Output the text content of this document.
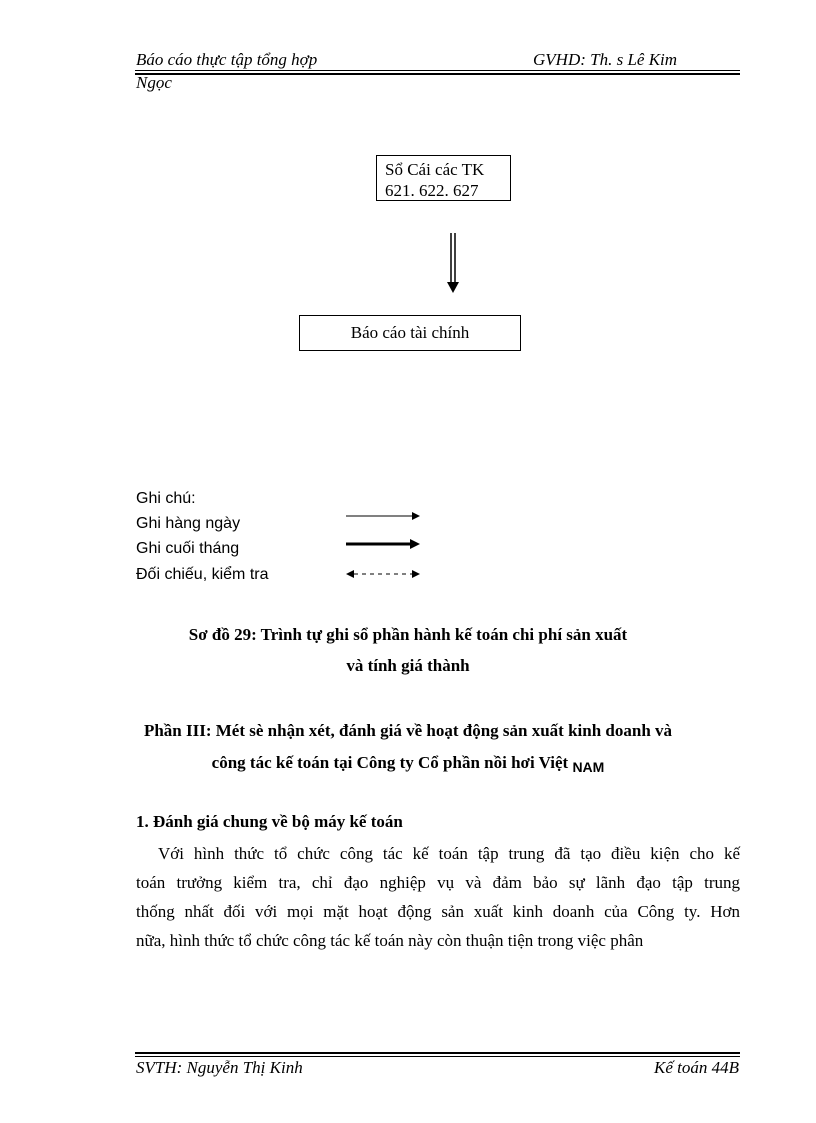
Báo cáo thực tập tổng hợp	GVHD: Th. s Lê Kim
Ngọc
Sổ Cái các TK
621. 622. 627
Báo cáo tài chính
Ghi chú:
Ghi hàng ngày
Ghi cuối tháng
Đối chiếu, kiểm tra
Sơ đồ 29: Trình tự ghi sổ phần hành kế toán chi phí sản xuất
và tính giá thành
Phần III: Mét sè nhận xét, đánh giá về hoạt động sản xuất kinh doanh và
công tác kế toán tại Công ty Cổ phần nồi hơi Việt $_{NAM}$
1. Đánh giá chung về bộ máy kế toán
Với hình thức tổ chức công tác kế toán tập trung đã tạo điều kiện cho kế
toán trưởng kiểm tra, chỉ đạo nghiệp vụ và đảm bảo sự lãnh đạo tập trung
thống nhất đối với mọi mặt hoạt động sản xuất kinh doanh của Công ty. Hơn
nữa, hình thức tổ chức công tác kế toán này còn thuận tiện trong việc phân
SVTH: Nguyễn Thị Kinh	Kế toán 44B
